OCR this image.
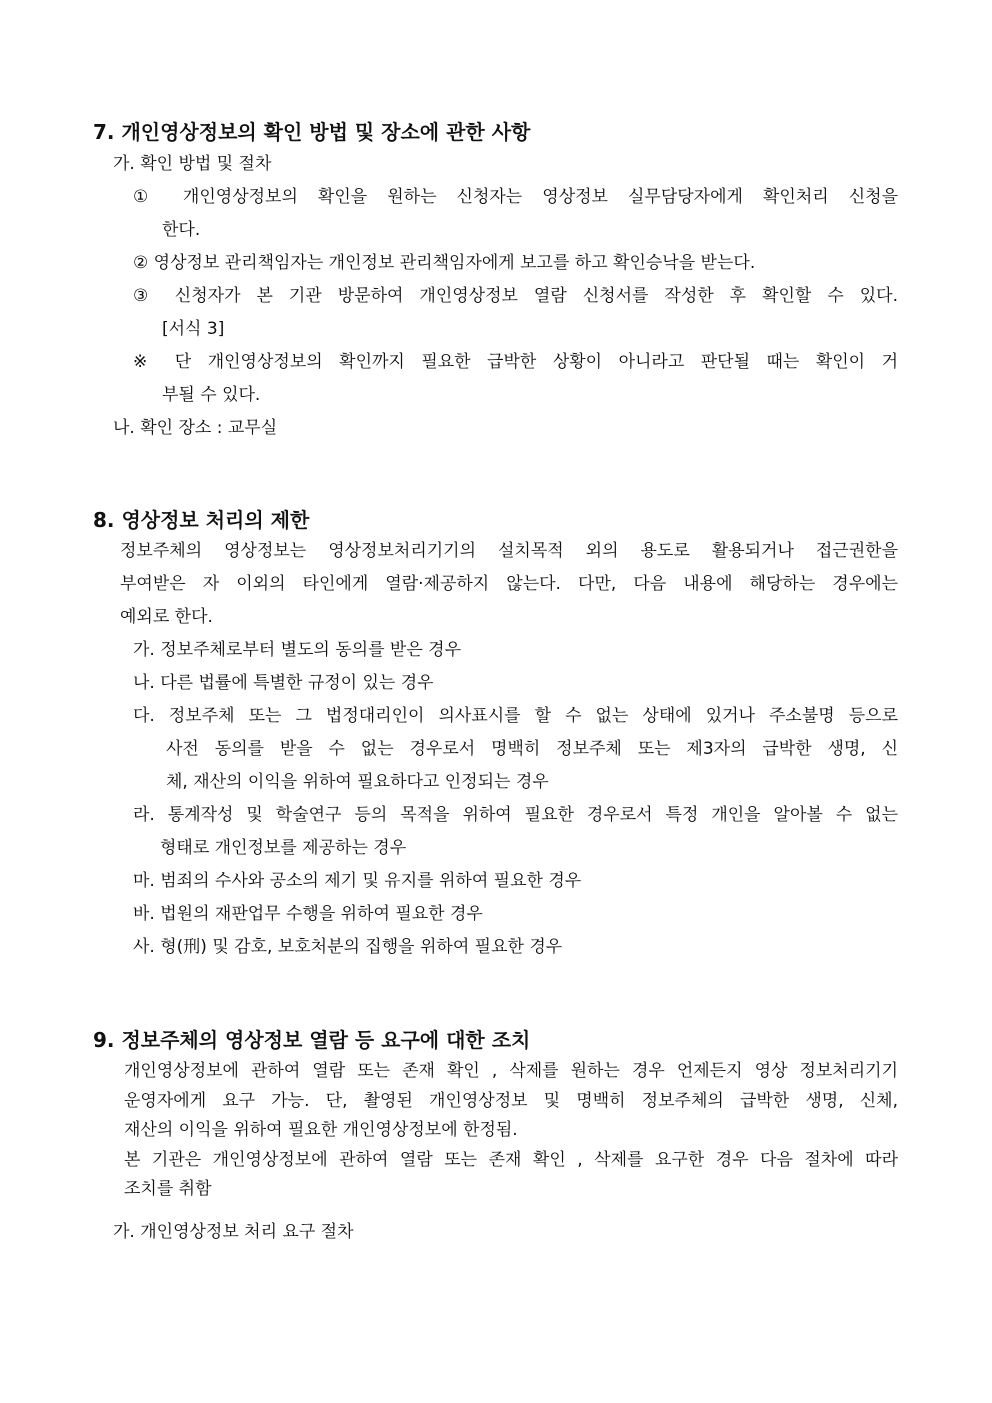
7. 개인영상정보의 확인 방법 및 장소에 관한 사항
가. 확인 방법 및 절차
① 개인영상정보의 확인을 원하는 신청자는 영상정보 실무담당자에게 확인처리 신청을
한다.
② 영상정보 관리책임자는 개인정보 관리책임자에게 보고를 하고 확인승낙을 받는다.
③ 신청자가 본 기관 방문하여 개인영상정보 열람 신청서를 작성한 후 확인할 수 있다.
[서식 3]
※ 단 개인영상정보의 확인까지 필요한 급박한 상황이 아니라고 판단될 때는 확인이 거
부될 수 있다.
나. 확인 장소 : 교무실
8. 영상정보 처리의 제한
정보주체의 영상정보는 영상정보처리기기의 설치목적 외의 용도로 활용되거나 접근권한을
부여받은 자 이외의 타인에게 열람·제공하지 않는다. 다만, 다음 내용에 해당하는 경우에는
예외로 한다.
가. 정보주체로부터 별도의 동의를 받은 경우
나. 다른 법률에 특별한 규정이 있는 경우
다. 정보주체 또는 그 법정대리인이 의사표시를 할 수 없는 상태에 있거나 주소불명 등으로
사전 동의를 받을 수 없는 경우로서 명백히 정보주체 또는 제3자의 급박한 생명, 신
체, 재산의 이익을 위하여 필요하다고 인정되는 경우
라. 통계작성 및 학술연구 등의 목적을 위하여 필요한 경우로서 특정 개인을 알아볼 수 없는
형태로 개인정보를 제공하는 경우
마. 범죄의 수사와 공소의 제기 및 유지를 위하여 필요한 경우
바. 법원의 재판업무 수행을 위하여 필요한 경우
사. 형(刑) 및 감호, 보호처분의 집행을 위하여 필요한 경우
9. 정보주체의 영상정보 열람 등 요구에 대한 조치
개인영상정보에 관하여 열람 또는 존재 확인 , 삭제를 원하는 경우 언제든지 영상 정보처리기기
운영자에게 요구 가능. 단, 촬영된 개인영상정보 및 명백히 정보주체의 급박한 생명, 신체,
재산의 이익을 위하여 필요한 개인영상정보에 한정됨.
본 기관은 개인영상정보에 관하여 열람 또는 존재 확인 , 삭제를 요구한 경우 다음 절차에 따라
조치를 취함
가. 개인영상정보 처리 요구 절차
